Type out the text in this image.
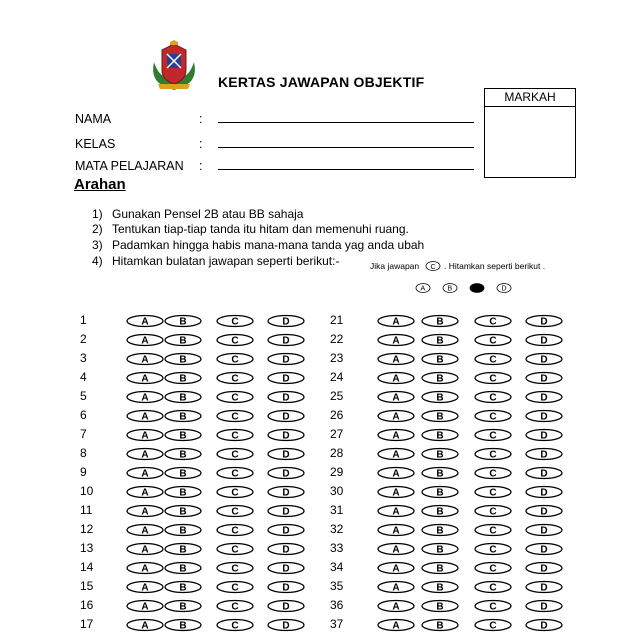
KERTAS JAWAPAN OBJEKTIF
MARKAH
NAMA	:
KELAS	:
MATA PELAJARAN :
Arahan
1) Gunakan Pensel 2B atau BB sahaja
2) Tentukan tiap-tiap tanda itu hitam dan memenuhi ruang.
3) Padamkan hingga habis mana-mana tanda yag anda ubah
4) Hitamkan bulatan jawapan seperti berikut:-	Jika jawapan C . Hitamkan seperti berikut .
A	B	D
1	A	B	C	D
2	A	B	C	D
3	A	B	C	D
4	A	B	C	D
5	A	B	C	D
6	A	B	C	D
7	A	B	C	D
8	A	B	C	D
9	A	B	C	D
10	A	B	C	D
11	A	B	C	D
12	A	B	C	D
13	A	B	C	D
14	A	B	C	D
15	A	B	C	D
16	A	B	C	D
17	A	B	C	D
21	A	B	C	D
22	A	B	C	D
23	A	B	C	D
24	A	B	C	D
25	A	B	C	D
26	A	B	C	D
27	A	B	C	D
28	A	B	C	D
29	A	B	C	D
30	A	B	C	D
31	A	B	C	D
32	A	B	C	D
33	A	B	C	D
34	A	B	C	D
35	A	B	C	D
36	A	B	C	D
37	A	B	C	D
